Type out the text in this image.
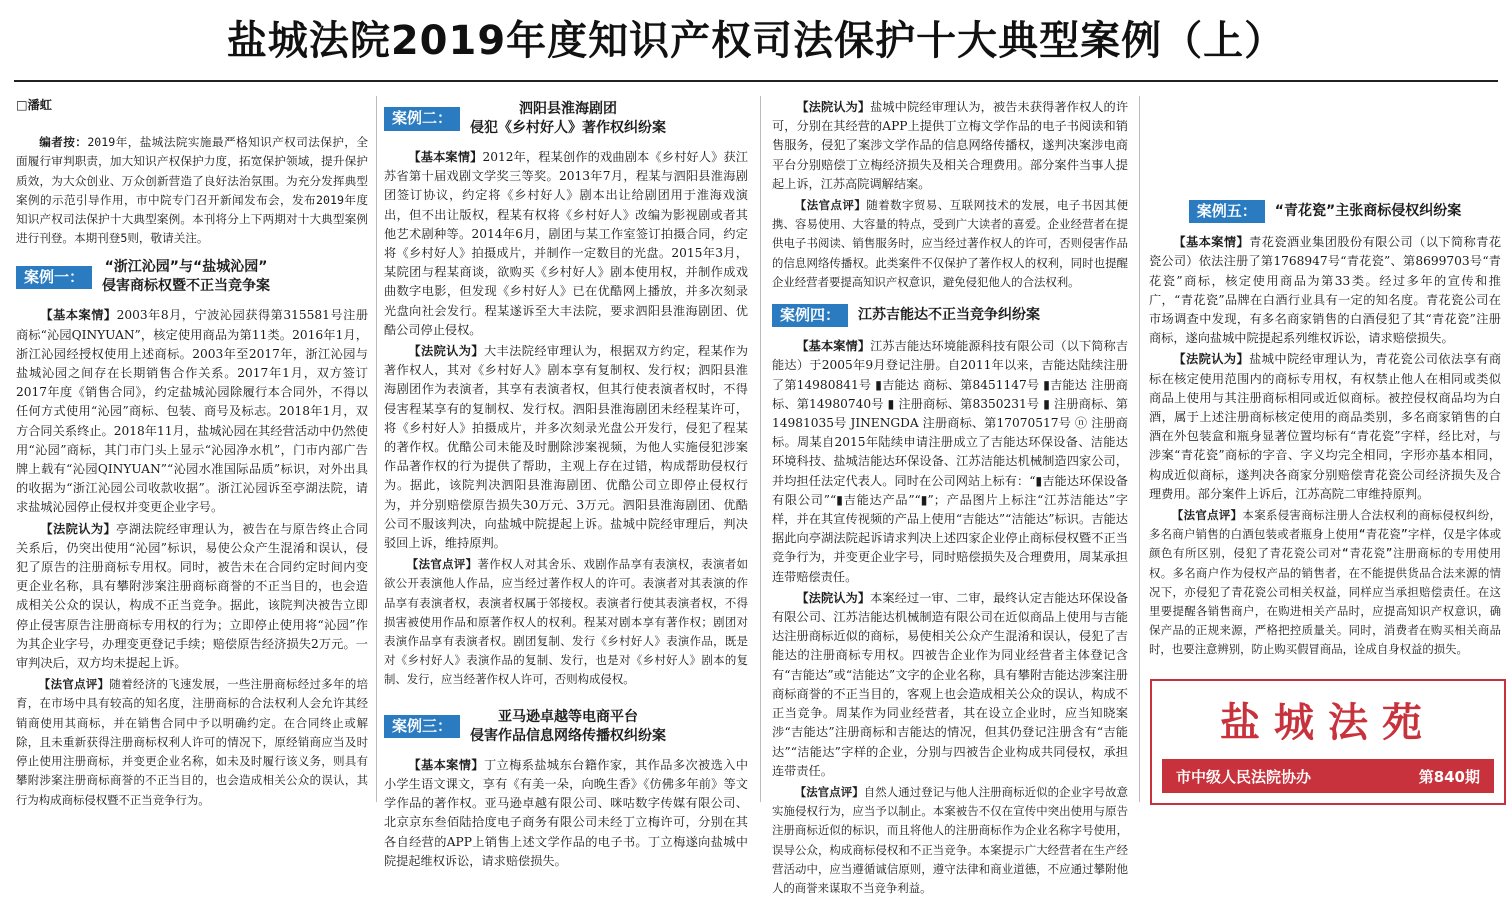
盐城法院2019年度知识产权司法保护十大典型案例（上）

□潘虹

编者按：2019年，盐城法院实施最严格知识产权司法保护，全面履行审判职责，加大知识产权保护力度，拓宽保护领域，提升保护质效，为大众创业、万众创新营造了良好法治氛围。为充分发挥典型案例的示范引导作用，市中院专门召开新闻发布会，发布2019年度知识产权司法保护十大典型案例。本刊将分上下两期对十大典型案例进行刊登。本期刊登5则，敬请关注。

案例一：
“浙江沁园”与“盐城沁园”
侵害商标权暨不正当竞争案

【基本案情】2003年8月，宁波沁园获得第315581号注册商标“沁园QINYUAN”，核定使用商品为第11类。2016年1月，浙江沁园经授权使用上述商标。2003年至2017年，浙江沁园与盐城沁园之间存在长期销售合作关系。2017年1月，双方签订2017年度《销售合同》，约定盐城沁园除履行本合同外，不得以任何方式使用“沁园”商标、包装、商号及标志。2018年1月，双方合同关系终止。2018年11月，盐城沁园在其经营活动中仍然使用“沁园”商标，其门市门头上显示“沁园净水机”，门市内部广告牌上载有“沁园QINYUAN”“沁园水准国际品质”标识，对外出具的收据为“浙江沁园公司收款收据”。浙江沁园诉至亭湖法院，请求盐城沁园停止侵权并变更企业字号。

【法院认为】亭湖法院经审理认为，被告在与原告终止合同关系后，仍突出使用“沁园”标识，易使公众产生混淆和误认，侵犯了原告的注册商标专用权。同时，被告未在合同约定时间内变更企业名称，具有攀附涉案注册商标商誉的不正当目的，也会造成相关公众的误认，构成不正当竞争。据此，该院判决被告立即停止侵害原告注册商标专用权的行为；立即停止使用将“沁园”作为其企业字号，办理变更登记手续；赔偿原告经济损失2万元。一审判决后，双方均未提起上诉。

【法官点评】随着经济的飞速发展，一些注册商标经过多年的培育，在市场中具有较高的知名度，注册商标的合法权利人会允许其经销商使用其商标，并在销售合同中予以明确约定。在合同终止或解除，且未重新获得注册商标权利人许可的情况下，原经销商应当及时停止使用注册商标，并变更企业名称，如未及时履行该义务，则具有攀附涉案注册商标商誉的不正当目的，也会造成相关公众的误认，其行为构成商标侵权暨不正当竞争行为。

案例二：
泗阳县淮海剧团
侵犯《乡村好人》著作权纠纷案

【基本案情】2012年，程某创作的戏曲剧本《乡村好人》获江苏省第十届戏剧文学奖三等奖。2013年7月，程某与泗阳县淮海剧团签订协议，约定将《乡村好人》剧本出让给剧团用于淮海戏演出，但不出让版权，程某有权将《乡村好人》改编为影视剧或者其他艺术剧种等。2014年6月，剧团与某工作室签订拍摄合同，约定将《乡村好人》拍摄成片，并制作一定数目的光盘。2015年3月，某院团与程某商谈，欲购买《乡村好人》剧本使用权，并制作成戏曲数字电影，但发现《乡村好人》已在优酷网上播放，并多次刻录光盘向社会发行。程某遂诉至大丰法院，要求泗阳县淮海剧团、优酷公司停止侵权。

【法院认为】大丰法院经审理认为，根据双方约定，程某作为著作权人，其对《乡村好人》剧本享有复制权、发行权；泗阳县淮海剧团作为表演者，其享有表演者权，但其行使表演者权时，不得侵害程某享有的复制权、发行权。泗阳县淮海剧团未经程某许可，将《乡村好人》拍摄成片，并多次刻录光盘公开发行，侵犯了程某的著作权。优酷公司未能及时删除涉案视频，为他人实施侵犯涉案作品著作权的行为提供了帮助，主观上存在过错，构成帮助侵权行为。据此，该院判决泗阳县淮海剧团、优酷公司立即停止侵权行为，并分别赔偿原告损失30万元、3万元。泗阳县淮海剧团、优酷公司不服该判决，向盐城中院提起上诉。盐城中院经审理后，判决驳回上诉，维持原判。

【法官点评】著作权人对其舍乐、戏剧作品享有表演权，表演者如欲公开表演他人作品，应当经过著作权人的许可。表演者对其表演的作品享有表演者权，表演者权属于邻接权。表演者行使其表演者权，不得损害被使用作品和原著作权人的权利。程某对剧本享有著作权；剧团对表演作品享有表演者权。剧团复制、发行《乡村好人》表演作品，既是对《乡村好人》表演作品的复制、发行，也是对《乡村好人》剧本的复制、发行，应当经著作权人许可，否则构成侵权。

案例三：
亚马逊卓越等电商平台
侵害作品信息网络传播权纠纷案

【基本案情】丁立梅系盐城东台籍作家，其作品多次被选入中小学生语文课文，享有《有美一朵，向晚生香》《仿佛多年前》等文学作品的著作权。亚马逊卓越有限公司、咪咕数字传媒有限公司、北京京东叁佰陆拾度电子商务有限公司未经丁立梅许可，分别在其各自经营的APP上销售上述文学作品的电子书。丁立梅遂向盐城中院提起维权诉讼，请求赔偿损失。

【法院认为】盐城中院经审理认为，被告未获得著作权人的许可，分别在其经营的APP上提供丁立梅文学作品的电子书阅读和销售服务，侵犯了案涉文学作品的信息网络传播权，遂判决案涉电商平台分别赔偿丁立梅经济损失及相关合理费用。部分案件当事人提起上诉，江苏高院调解结案。

【法官点评】随着数字贸易、互联网技术的发展，电子书因其便携、容易使用、大容量的特点，受到广大读者的喜爱。企业经营者在提供电子书阅读、销售服务时，应当经过著作权人的许可，否则侵害作品的信息网络传播权。此类案件不仅保护了著作权人的权利，同时也提醒企业经营者要提高知识产权意识，避免侵犯他人的合法权利。

案例四：	江苏吉能达不正当竞争纠纷案

【基本案情】江苏吉能达环境能源科技有限公司（以下简称吉能达）于2005年9月登记注册。自2011年以来，吉能达陆续注册了第14980841号 ▮吉能达 商标、第8451147号 ▮吉能达 注册商标、第14980740号 ▮ 注册商标、第8350231号 ▮ 注册商标、第14981035号 JINENGDA 注册商标、第17070517号 ⓝ 注册商标。周某自2015年陆续申请注册成立了吉能达环保设备、洁能达环境科技、盐城洁能达环保设备、江苏洁能达机械制造四家公司，并均担任法定代表人。同时在公司网站上标有：“▮吉能达环保设备有限公司”“▮吉能达产品”“▮”；产品图片上标注“江苏洁能达”字样，并在其宣传视频的产品上使用“吉能达”“洁能达”标识。吉能达据此向亭湖法院起诉请求判决上述四家企业停止商标侵权暨不正当竞争行为，并变更企业字号，同时赔偿损失及合理费用，周某承担连带赔偿责任。

【法院认为】本案经过一审、二审，最终认定吉能达环保设备有限公司、江苏洁能达机械制造有限公司在近似商品上使用与吉能达注册商标近似的商标，易使相关公众产生混淆和误认，侵犯了吉能达的注册商标专用权。四被告企业作为同业经营者主体登记含有“吉能达”或“洁能达”文字的企业名称，具有攀附吉能达涉案注册商标商誉的不正当目的，客观上也会造成相关公众的误认，构成不正当竞争。周某作为同业经营者，其在设立企业时，应当知晓案涉“吉能达”注册商标和吉能达的情况，但其仍登记注册含有“吉能达”“洁能达”字样的企业，分别与四被告企业构成共同侵权，承担连带责任。

【法官点评】自然人通过登记与他人注册商标近似的企业字号故意实施侵权行为，应当予以制止。本案被告不仅在宣传中突出使用与原告注册商标近似的标识，而且将他人的注册商标作为企业名称字号使用，误导公众，构成商标侵权和不正当竞争。本案提示广大经营者在生产经营活动中，应当遵循诚信原则，遵守法律和商业道德，不应通过攀附他人的商誉来谋取不当竞争利益。

案例五：	“青花瓷”主张商标侵权纠纷案

【基本案情】青花瓷酒业集团股份有限公司（以下简称青花瓷公司）依法注册了第1768947号“青花瓷”、第8699703号“青花瓷”商标，核定使用商品为第33类。经过多年的宣传和推广，“青花瓷”品牌在白酒行业具有一定的知名度。青花瓷公司在市场调查中发现，有多名商家销售的白酒侵犯了其“青花瓷”注册商标，遂向盐城中院提起系列维权诉讼，请求赔偿损失。

【法院认为】盐城中院经审理认为，青花瓷公司依法享有商标在核定使用范围内的商标专用权，有权禁止他人在相同或类似商品上使用与其注册商标相同或近似商标。被控侵权商品均为白酒，属于上述注册商标核定使用的商品类别，多名商家销售的白酒在外包装盒和瓶身显著位置均标有“青花瓷”字样，经比对，与涉案“青花瓷”商标的字音、字义均完全相同，字形亦基本相同，构成近似商标，遂判决各商家分别赔偿青花瓷公司经济损失及合理费用。部分案件上诉后，江苏高院二审维持原判。

【法官点评】本案系侵害商标注册人合法权利的商标侵权纠纷，多名商户销售的白酒包装或者瓶身上使用“青花瓷”字样，仅是字体或颜色有所区别，侵犯了青花瓷公司对“青花瓷”注册商标的专用使用权。多名商户作为侵权产品的销售者，在不能提供货品合法来源的情况下，亦侵犯了青花瓷公司相关权益，同样应当承担赔偿责任。在这里要提醒各销售商户，在购进相关产品时，应提高知识产权意识，确保产品的正规来源，严格把控质量关。同时，消费者在购买相关商品时，也要注意辨别，防止购买假冒商品，诠成自身权益的损失。

盐城法苑
市中级人民法院协办	第840期
